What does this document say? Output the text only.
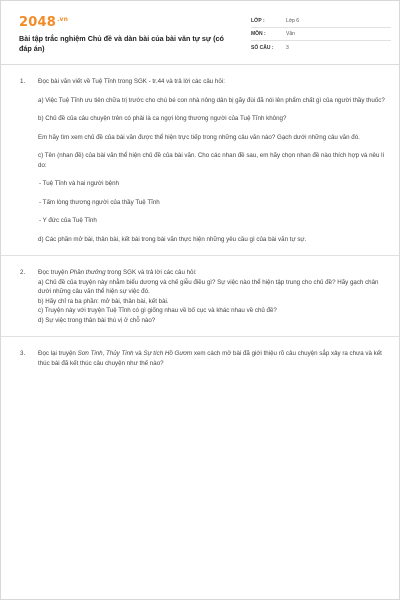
$2048^{.vn}$
Bài tập trắc nghiệm Chủ đề và dàn bài của bài văn tự sự (có đáp án)
LỚP :	Lớp 6
MÔN :	Văn
SỐ CÂU :	3
1. Đọc bài văn viết về Tuệ Tĩnh trong SGK - tr.44 và trả lời các câu hỏi:

a) Việc Tuệ Tĩnh ưu tiên chữa trị trước cho chú bé con nhà nông dân bị gãy đùi đã nói lên phẩm chất gì của người thầy thuốc?

b) Chủ đề của câu chuyện trên có phải là ca ngợi lòng thương người của Tuệ Tĩnh không?

Em hãy tìm xem chủ đề của bài văn được thể hiện trực tiếp trong những câu văn nào? Gạch dưới những câu văn đó.

c) Tên (nhan đề) của bài văn thể hiện chủ đề của bài văn. Cho các nhan đề sau, em hãy chọn nhan đề nào thích hợp và nêu lí do:

- Tuệ Tĩnh và hai người bệnh

- Tấm lòng thương người của thầy Tuệ Tĩnh

- Y đức của Tuệ Tĩnh

d) Các phần mở bài, thân bài, kết bài trong bài văn thực hiện những yêu cầu gì của bài văn tự sự.

2. Đọc truyện Phần thưởng trong SGK và trả lời các câu hỏi:

a) Chủ đề của truyện này nhằm biểu dương và chế giễu điều gì? Sự việc nào thể hiện tập trung cho chủ đề? Hãy gạch chân dưới những câu văn thể hiện sự việc đó.

b) Hãy chỉ ra ba phần: mở bài, thân bài, kết bài.

c) Truyện này với truyện Tuệ Tĩnh có gì giống nhau về bố cục và khác nhau về chủ đề?

d) Sự việc trong thân bài thú vị ở chỗ nào?

3. Đọc lại truyện Sơn Tinh, Thủy Tinh và Sự tích Hồ Gươm xem cách mở bài đã giới thiệu rõ câu chuyện sắp xảy ra chưa và kết thúc bài đã kết thúc câu chuyện như thế nào?
